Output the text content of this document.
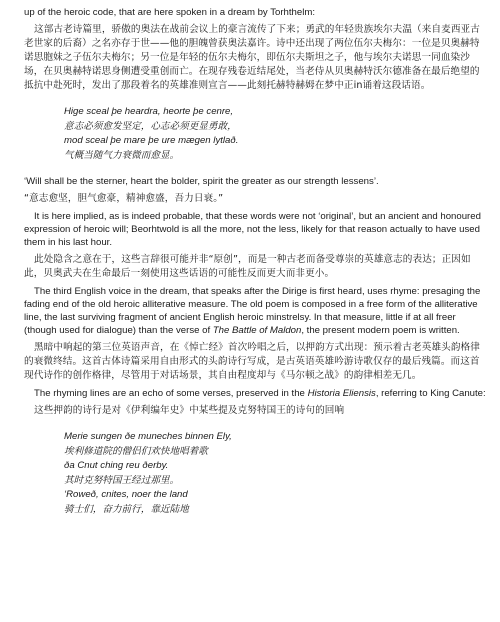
up of the heroic code, that are here spoken in a dream by Torhthelm:

这部古老诗篇里，骄傲的奥法在战前会议上的豪言流传了下来；勇武的年轻贵族埃尔夫温（来自麦西亚古老世家的后裔）之名亦存于世——他的胆魄曾获奥法嘉许。诗中还出现了两位伍尔夫梅尔：一位是贝奥赫特诺思胞妹之子伍尔夫梅尔；另一位是年轻的伍尔夫梅尔，即伍尔夫斯坦之子，他与埃尔夫诺思一同血染沙场，在贝奥赫特诺思身侧遭受重创而亡。在现存残卷近结尾处，当老侍从贝奥赫特沃尔德准备在最后绝望的抵抗中赴死时，发出了那段着名的英雄准则宣言——此刻托赫特赫姆在梦中正in诵着这段话语。

Hige sceal þe heardra, heorte þe cenre,
意志必须愈发坚定，心志必须更显勇敢，
mod sceal þe mare þe ure mægen lytlað.
气概当随气力衰微而愈显。

‘Will shall be the sterner, heart the bolder, spirit the greater as our strength lessens’.

“意志愈坚，胆气愈豪，精神愈盛，吾力日衰。”

It is here implied, as is indeed probable, that these words were not ‘original’, but an ancient and honoured expression of heroic will; Beorhtwold is all the more, not the less, likely for that reason actually to have used them in his last hour.

此处隐含之意在于，这些言辞很可能并非“原创”，而是一种古老而备受尊崇的英雄意志的表达；正因如此，贝奥武夫在生命最后一刻使用这些话语的可能性反而更大而非更小。

The third English voice in the dream, that speaks after the Dirige is first heard, uses rhyme: presaging the fading end of the old heroic alliterative measure. The old poem is composed in a free form of the alliterative line, the last surviving fragment of ancient English heroic minstrelsy. In that measure, little if at all freer (though used for dialogue) than the verse of The Battle of Maldon, the present modern poem is written.

黑暗中响起的第三位英语声音，在《悼亡经》首次吟唱之后，以押韵方式出现：预示着古老英雄头韵格律的衰微终结。这首古体诗篇采用自由形式的头韵诗行写成，是古英语英雄吟游诗歌仅存的最后残篇。而这首现代诗作的创作格律，尽管用于对话场景，其自由程度却与《马尔顿之战》的韵律相差无几。

The rhyming lines are an echo of some verses, preserved in the Historia Eliensis, referring to King Canute:

这些押韵的诗行是对《伊利编年史》中某些提及克努特国王的诗句的回响

Merie sungen ðe muneches binnen Ely,
埃利修道院的僧侣们欢快地唱着歌
ða Cnut ching reu ðerby.
其时克努特国王经过那里。
‘Roweð, cnites, noer the land
骑士们，奋力前行，靠近陆地
